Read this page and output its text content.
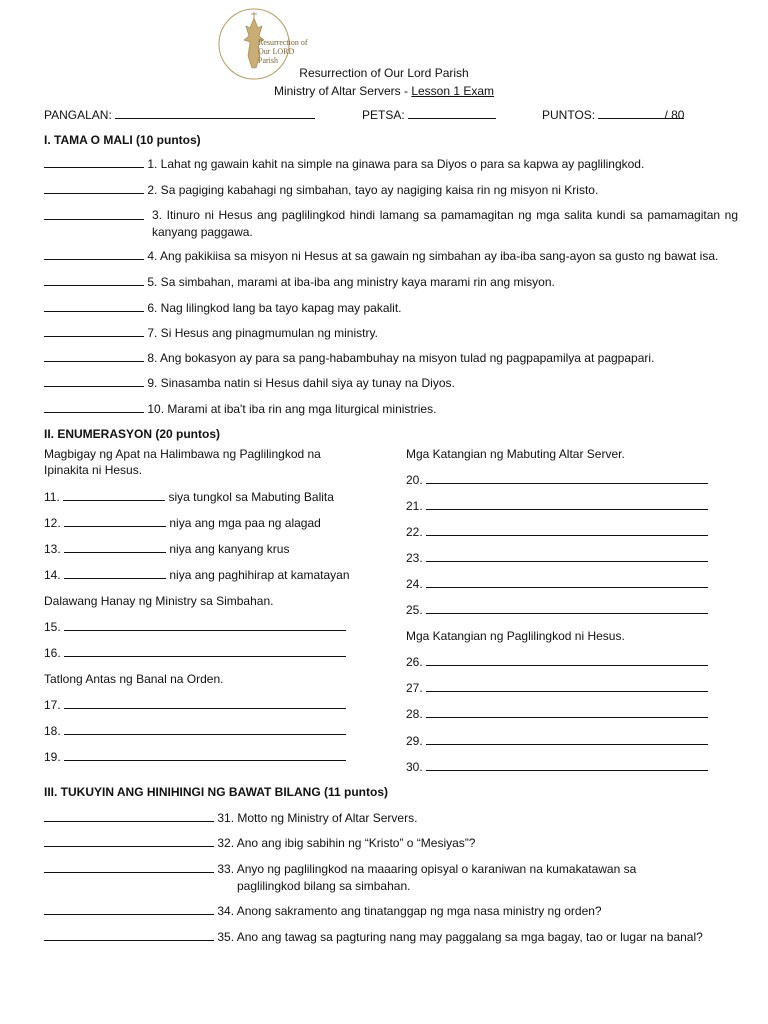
Resurrection of
Our LORD
Parish
Resurrection of Our Lord Parish
Ministry of Altar Servers - Lesson 1 Exam
PANGALAN:	PETSA:	PUNTOS:	/ 80
I. TAMA O MALI (10 puntos)
1. Lahat ng gawain kahit na simple na ginawa para sa Diyos o para sa kapwa ay paglilingkod.
2. Sa pagiging kabahagi ng simbahan, tayo ay nagiging kaisa rin ng misyon ni Kristo.
3. Itinuro ni Hesus ang paglilingkod hindi lamang sa pamamagitan ng mga salita kundi sa pamamagitan ng kanyang paggawa.
4. Ang pakikiisa sa misyon ni Hesus at sa gawain ng simbahan ay iba-iba sang-ayon sa gusto ng bawat isa.
5. Sa simbahan, marami at iba-iba ang ministry kaya marami rin ang misyon.
6. Nag lilingkod lang ba tayo kapag may pakalit.
7. Si Hesus ang pinagmumulan ng ministry.
8. Ang bokasyon ay para sa pang-habambuhay na misyon tulad ng pagpapamilya at pagpapari.
9. Sinasamba natin si Hesus dahil siya ay tunay na Diyos.
10. Marami at iba't iba rin ang mga liturgical ministries.
II. ENUMERASYON (20 puntos)
Magbigay ng Apat na Halimbawa ng Paglilingkod na
Ipinakita ni Hesus.
11.	siya tungkol sa Mabuting Balita
12.	niya ang mga paa ng alagad
13.	niya ang kanyang krus
14.	niya ang paghihirap at kamatayan
Dalawang Hanay ng Ministry sa Simbahan.
15.
16.
Tatlong Antas ng Banal na Orden.
17.
18.
19.
Mga Katangian ng Mabuting Altar Server.
20.
21.
22.
23.
24.
25.
Mga Katangian ng Paglilingkod ni Hesus.
26.
27.
28.
29.
30.
III. TUKUYIN ANG HINIHINGI NG BAWAT BILANG (11 puntos)
31. Motto ng Ministry of Altar Servers.
32. Ano ang ibig sabihin ng “Kristo” o “Mesiyas”?
33. Anyo ng paglilingkod na maaaring opisyal o karaniwan na kumakatawan sa
paglilingkod bilang sa simbahan.
34. Anong sakramento ang tinatanggap ng mga nasa ministry ng orden?
35. Ano ang tawag sa pagturing nang may paggalang sa mga bagay, tao or lugar na banal?
